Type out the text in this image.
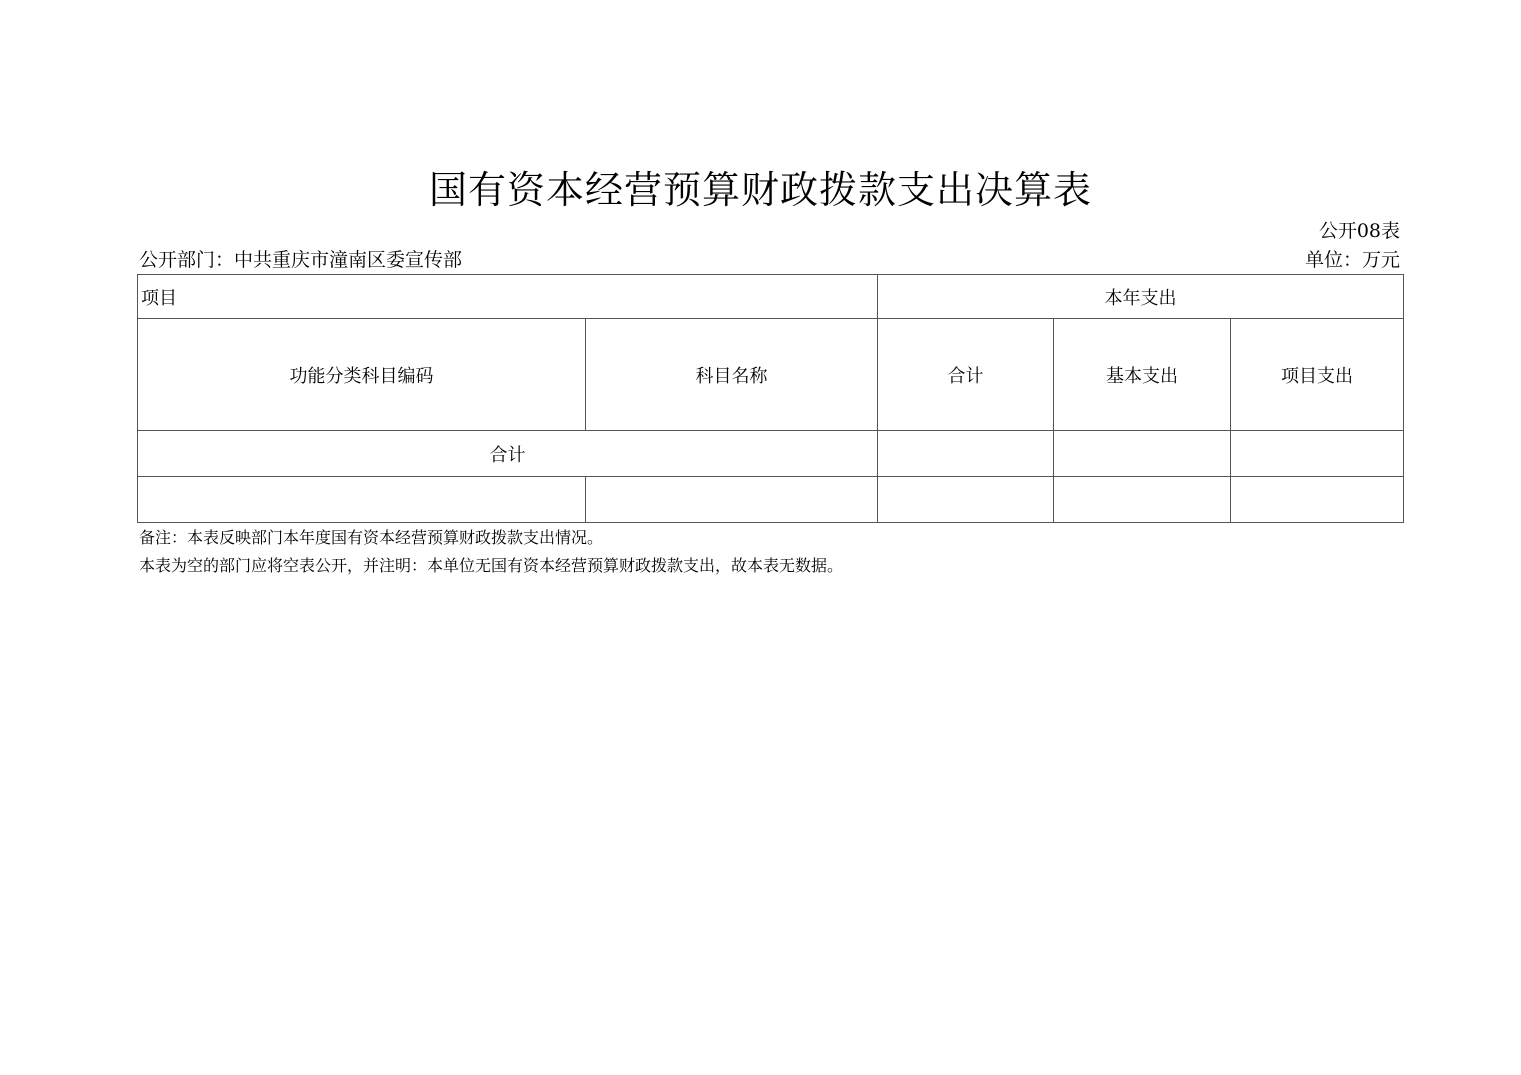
国有资本经营预算财政拨款支出决算表
公开08表
公开部门：中共重庆市潼南区委宣传部	单位：万元
项目		本年支出		
功能分类科目编码	科目名称	合计	基本支出	项目支出
合计				

备注：本表反映部门本年度国有资本经营预算财政拨款支出情况。
本表为空的部门应将空表公开，并注明：本单位无国有资本经营预算财政拨款支出，故本表无数据。
